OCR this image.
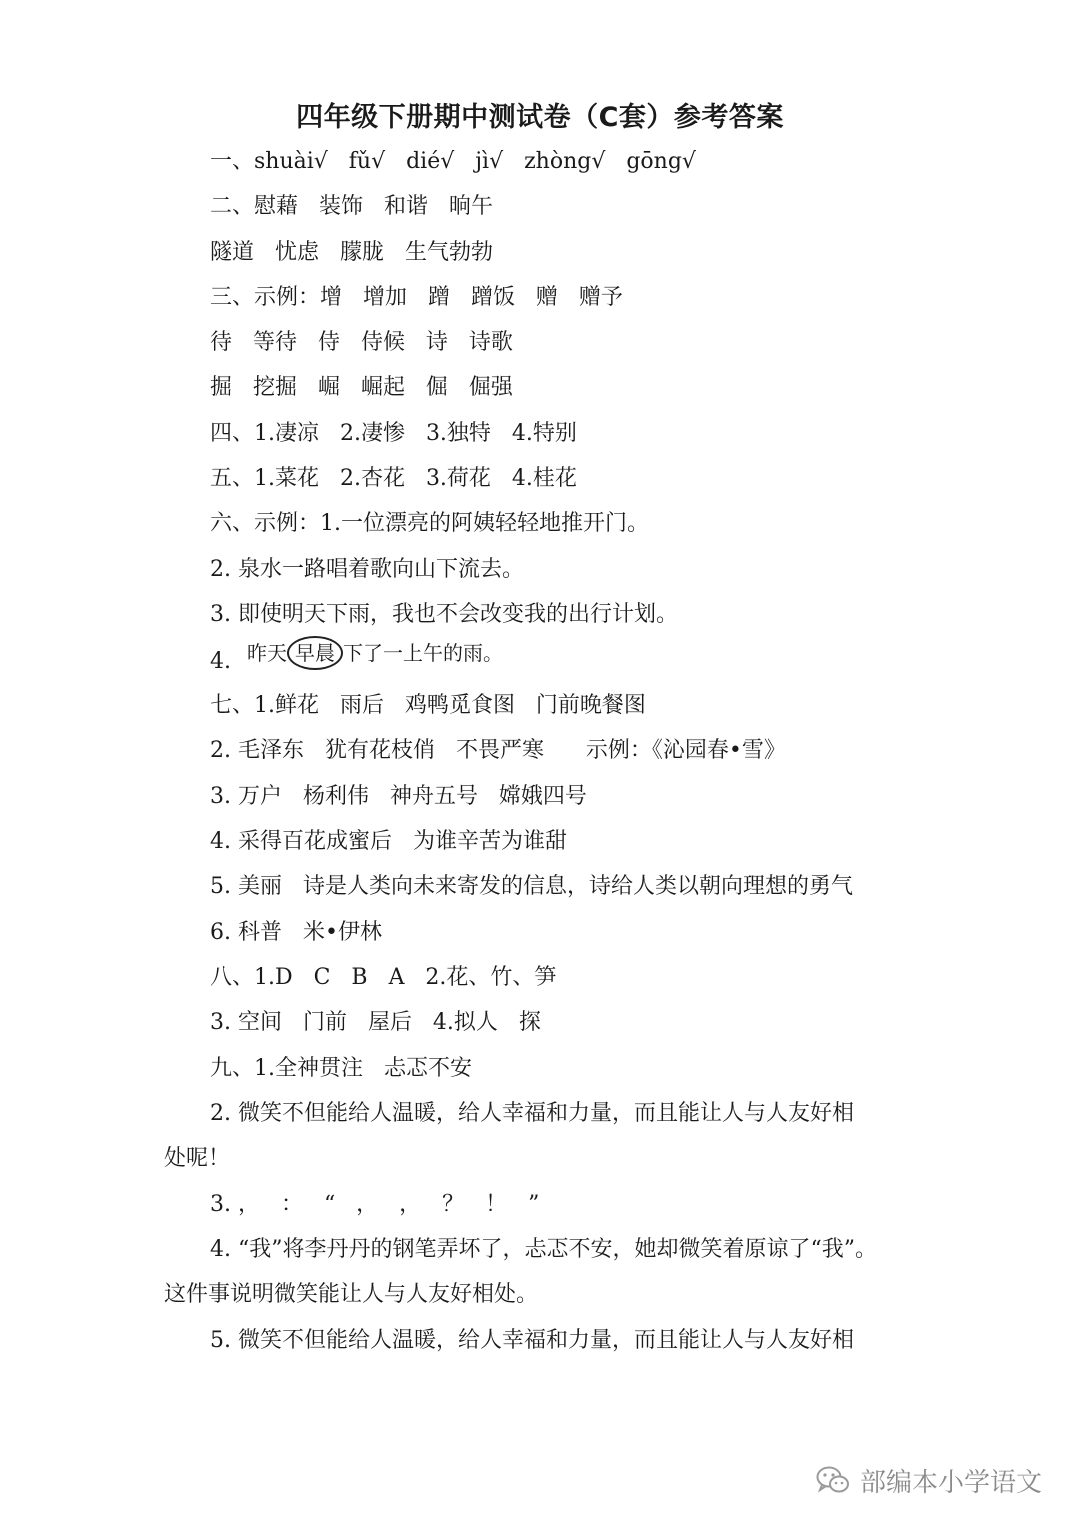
四年级下册期中测试卷（C套）参考答案
一、shuài√   fǔ√   dié√   jì√   zhòng√   gōng√
二、慰藉   装饰   和谐   晌午
隧道   忧虑   朦胧   生气勃勃
三、示例：增   增加   蹭   蹭饭   赠   赠予
待   等待   侍   侍候   诗   诗歌
掘   挖掘   崛   崛起   倔   倔强
四、1.凄凉   2.凄惨   3.独特   4.特别
五、1.菜花   2.杏花   3.荷花   4.桂花
六、示例：1.一位漂亮的阿姨轻轻地推开门。
2. 泉水一路唱着歌向山下流去。
3. 即使明天下雨，我也不会改变我的出行计划。
4. 昨天 早晨 下了一上午的雨。
七、1.鲜花   雨后   鸡鸭觅食图   门前晚餐图
2. 毛泽东   犹有花枝俏   不畏严寒      示例：《沁园春•雪》
3. 万户   杨利伟   神舟五号   嫦娥四号
4. 采得百花成蜜后   为谁辛苦为谁甜
5. 美丽   诗是人类向未来寄发的信息，诗给人类以朝向理想的勇气
6. 科普   米•伊林
八、1.D   C   B   A   2.花、竹、笋
3. 空间   门前   屋后   4.拟人   探
九、1.全神贯注   忐忑不安
2. 微笑不但能给人温暖，给人幸福和力量，而且能让人与人友好相
处呢！
3. ，   ：   “   ，   ，   ？   ！   ”
4. “我”将李丹丹的钢笔弄坏了，忐忑不安，她却微笑着原谅了“我”。
这件事说明微笑能让人与人友好相处。
5. 微笑不但能给人温暖，给人幸福和力量，而且能让人与人友好相
部编本小学语文
